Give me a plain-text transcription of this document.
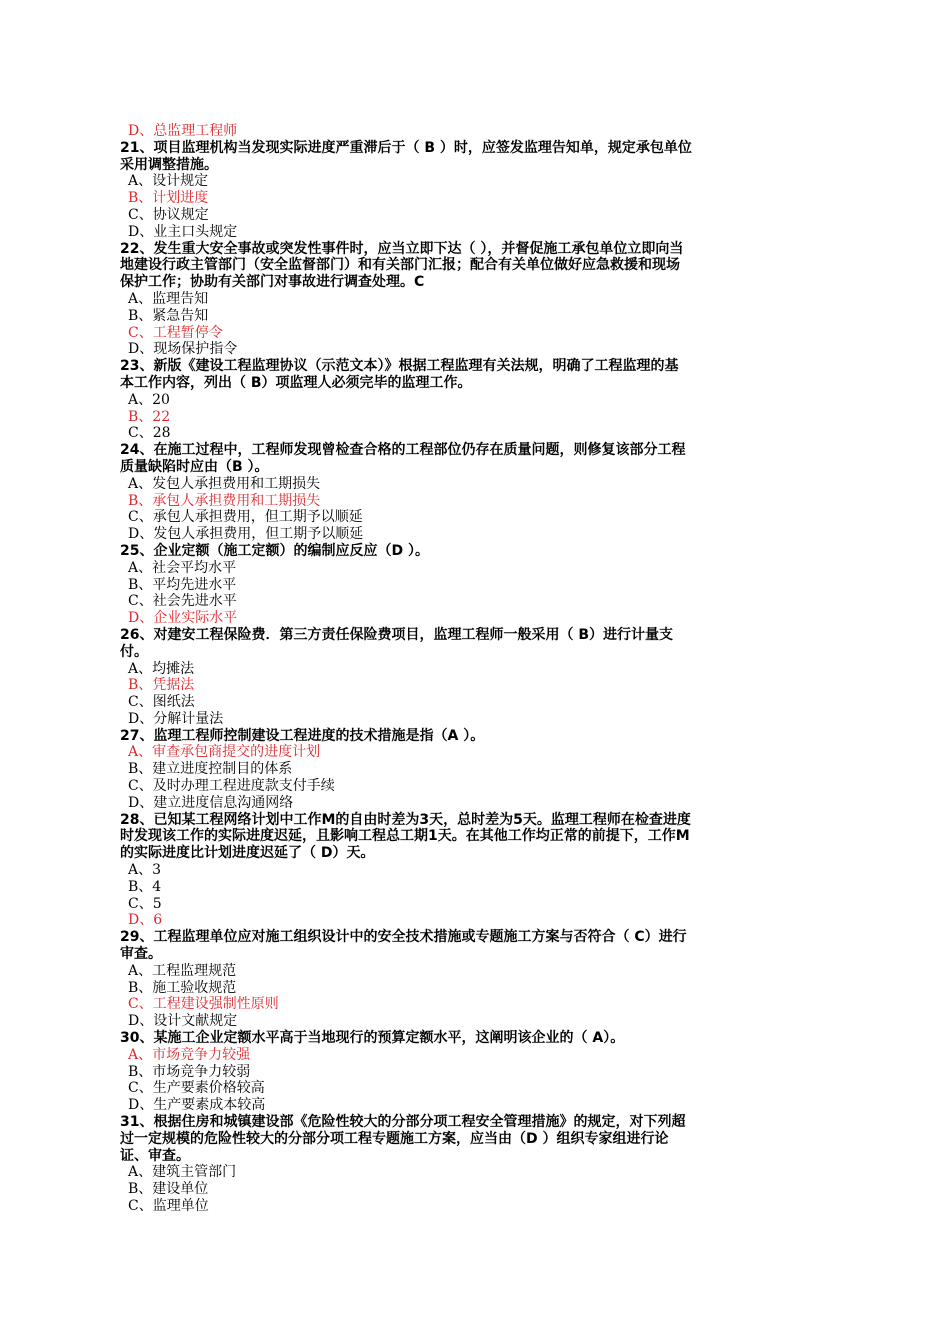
D、总监理工程师

21、项目监理机构当发现实际进度严重滞后于（ B ）时，应签发监理告知单，规定承包单位

采用调整措施。

A、设计规定

B、计划进度

C、协议规定

D、业主口头规定

22、发生重大安全事故或突发性事件时，应当立即下达（ ），并督促施工承包单位立即向当

地建设行政主管部门（安全监督部门）和有关部门汇报；配合有关单位做好应急救援和现场

保护工作；协助有关部门对事故进行调查处理。C

A、监理告知

B、紧急告知

C、工程暂停令

D、现场保护指令

23、新版《建设工程监理协议（示范文本）》根据工程监理有关法规，明确了工程监理的基

本工作内容，列出（ B）项监理人必须完毕的监理工作。

A、20

B、22

C、28

24、在施工过程中，工程师发现曾检查合格的工程部位仍存在质量问题，则修复该部分工程

质量缺陷时应由（B ）。

A、发包人承担费用和工期损失

B、承包人承担费用和工期损失

C、承包人承担费用，但工期予以顺延

D、发包人承担费用，但工期予以顺延

25、企业定额（施工定额）的编制应反应（D ）。

A、社会平均水平

B、平均先进水平

C、社会先进水平

D、企业实际水平

26、对建安工程保险费．第三方责任保险费项目，监理工程师一般采用（ B）进行计量支

付。

A、均摊法

B、凭据法

C、图纸法

D、分解计量法

27、监理工程师控制建设工程进度的技术措施是指（A ）。

A、审查承包商提交的进度计划

B、建立进度控制目的体系

C、及时办理工程进度款支付手续

D、建立进度信息沟通网络

28、已知某工程网络计划中工作M的自由时差为3天，总时差为5天。监理工程师在检查进度

时发现该工作的实际进度迟延，且影响工程总工期1天。在其他工作均正常的前提下，工作M

的实际进度比计划进度迟延了（ D）天。

A、3

B、4

C、5

D、6

29、工程监理单位应对施工组织设计中的安全技术措施或专题施工方案与否符合（ C）进行

审查。

A、工程监理规范

B、施工验收规范

C、工程建设强制性原则

D、设计文献规定

30、某施工企业定额水平高于当地现行的预算定额水平，这阐明该企业的（ A）。

A、市场竞争力较强

B、市场竞争力较弱

C、生产要素价格较高

D、生产要素成本较高

31、根据住房和城镇建设部《危险性较大的分部分项工程安全管理措施》的规定，对下列超

过一定规模的危险性较大的分部分项工程专题施工方案，应当由（D ）组织专家组进行论

证、审查。

A、建筑主管部门

B、建设单位

C、监理单位
